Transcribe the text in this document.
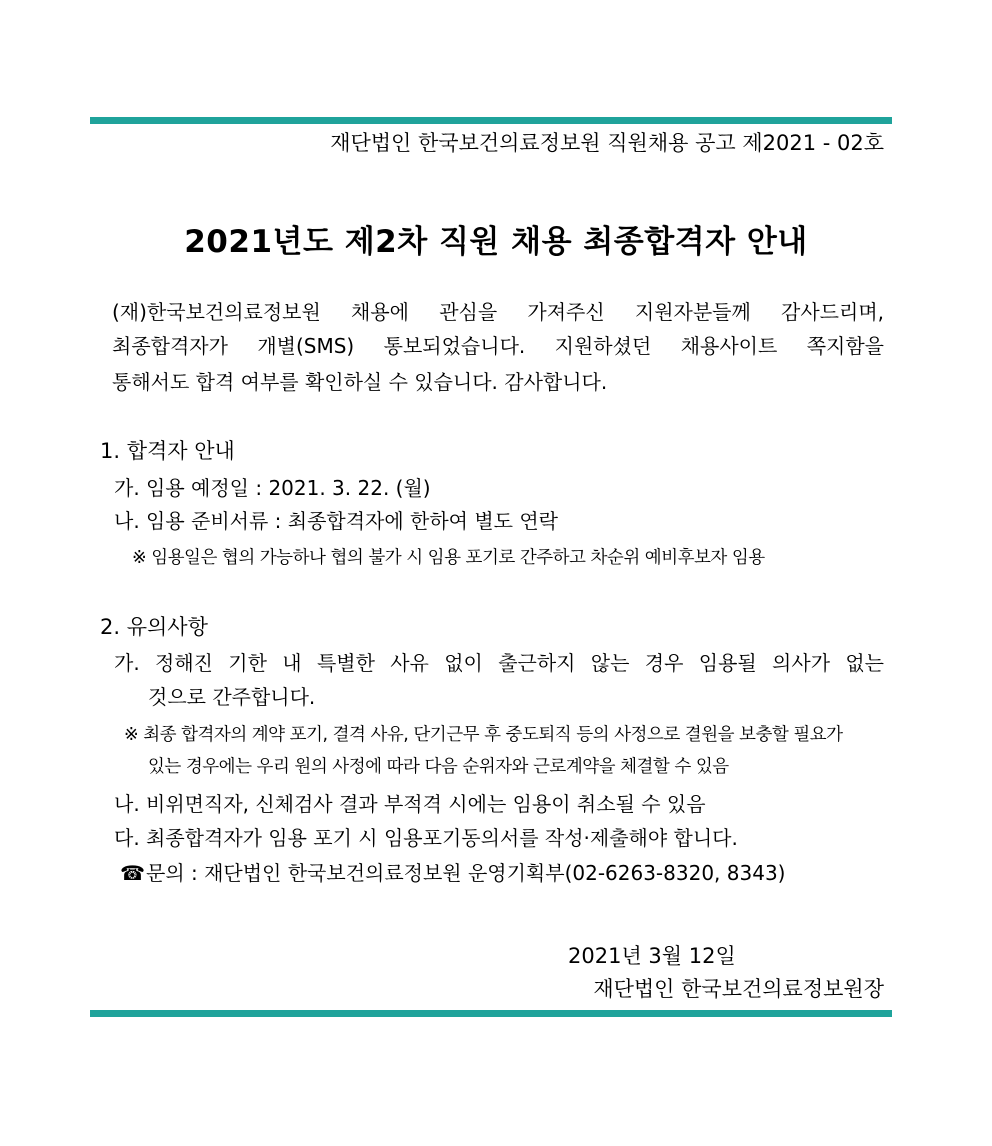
재단법인 한국보건의료정보원 직원채용 공고 제2021 - 02호
2021년도 제2차 직원 채용 최종합격자 안내
(재)한국보건의료정보원 채용에 관심을 가져주신 지원자분들께 감사드리며,
최종합격자가 개별(SMS) 통보되었습니다. 지원하셨던 채용사이트 쪽지함을
통해서도 합격 여부를 확인하실 수 있습니다. 감사합니다.
1. 합격자 안내
가. 임용 예정일 : 2021. 3. 22. (월)
나. 임용 준비서류 : 최종합격자에 한하여 별도 연락
※ 임용일은 협의 가능하나 협의 불가 시 임용 포기로 간주하고 차순위 예비후보자 임용
2. 유의사항
가. 정해진 기한 내 특별한 사유 없이 출근하지 않는 경우 임용될 의사가 없는
것으로 간주합니다.
※ 최종 합격자의 계약 포기, 결격 사유, 단기근무 후 중도퇴직 등의 사정으로 결원을 보충할 필요가
있는 경우에는 우리 원의 사정에 따라 다음 순위자와 근로계약을 체결할 수 있음
나. 비위면직자, 신체검사 결과 부적격 시에는 임용이 취소될 수 있음
다. 최종합격자가 임용 포기 시 임용포기동의서를 작성·제출해야 합니다.
☎문의 : 재단법인 한국보건의료정보원 운영기획부(02-6263-8320, 8343)
2021년 3월 12일
재단법인 한국보건의료정보원장
